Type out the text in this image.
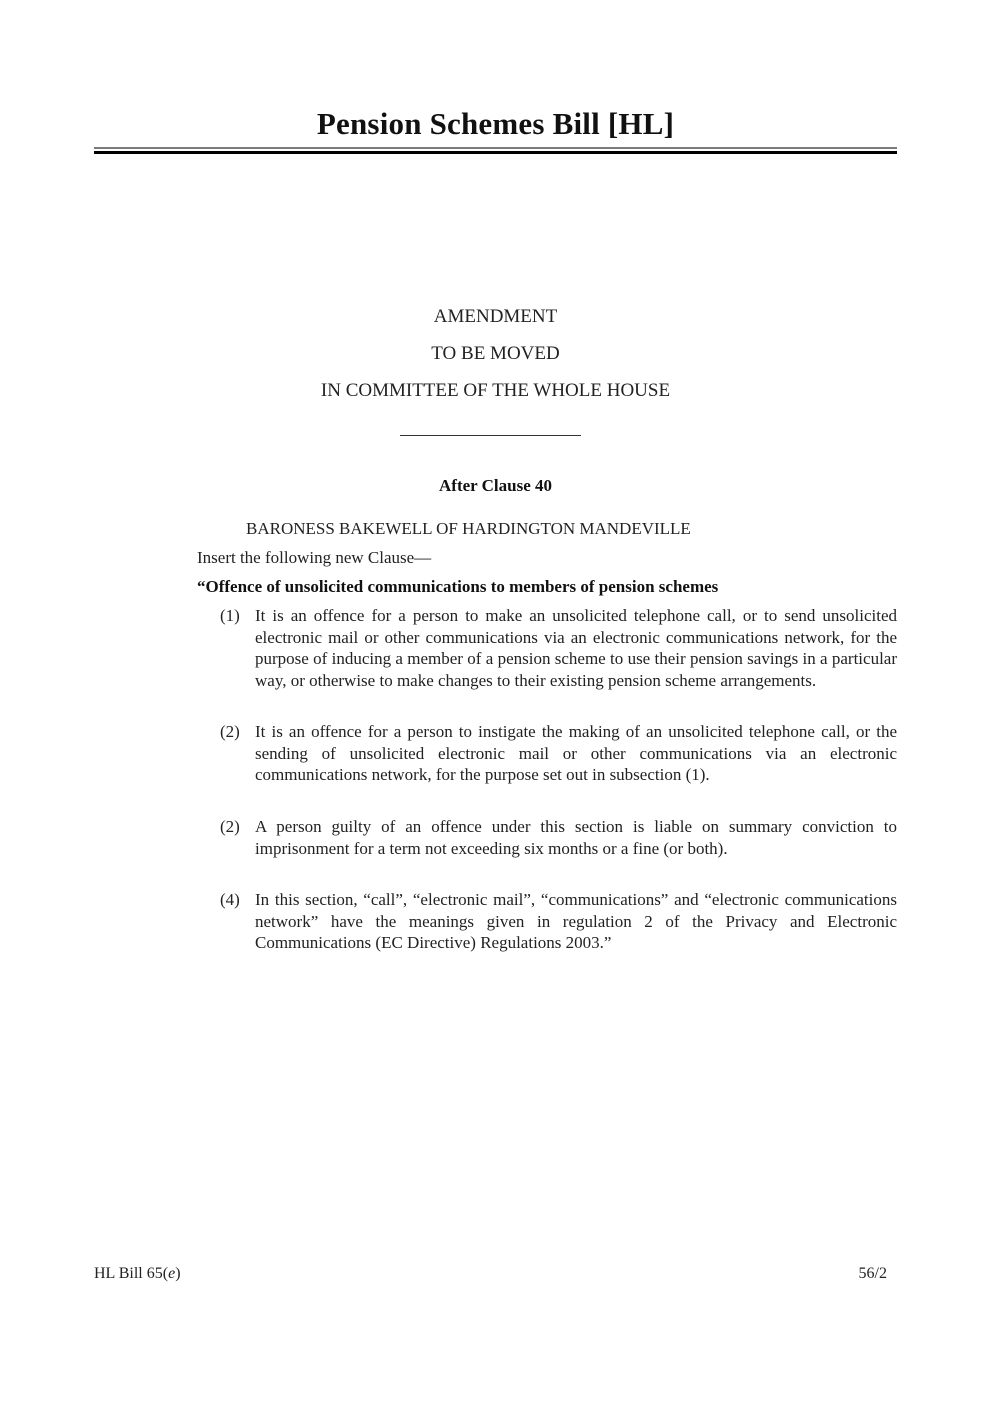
Pension Schemes Bill [HL]
AMENDMENT
TO BE MOVED
IN COMMITTEE OF THE WHOLE HOUSE
After Clause 40
BARONESS BAKEWELL OF HARDINGTON MANDEVILLE
Insert the following new Clause—
“Offence of unsolicited communications to members of pension schemes
(1) It is an offence for a person to make an unsolicited telephone call, or to send unsolicited electronic mail or other communications via an electronic communications network, for the purpose of inducing a member of a pension scheme to use their pension savings in a particular way, or otherwise to make changes to their existing pension scheme arrangements.
(2) It is an offence for a person to instigate the making of an unsolicited telephone call, or the sending of unsolicited electronic mail or other communications via an electronic communications network, for the purpose set out in subsection (1).
(2) A person guilty of an offence under this section is liable on summary conviction to imprisonment for a term not exceeding six months or a fine (or both).
(4) In this section, “call”, “electronic mail”, “communications” and “electronic communications network” have the meanings given in regulation 2 of the Privacy and Electronic Communications (EC Directive) Regulations 2003.”
HL Bill 65(e)	56/2
